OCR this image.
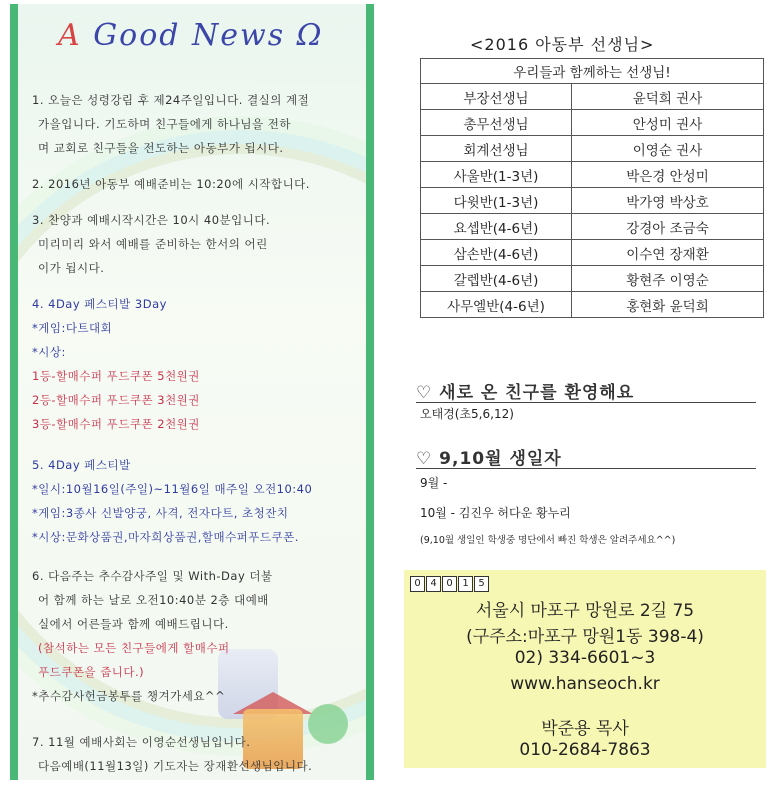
A Good News Ω
1. 오늘은 성령강림 후 제24주일입니다. 결실의 계절
가을입니다. 기도하며 친구들에게 하나님을 전하
며 교회로 친구들을 전도하는 아동부가 됩시다.
2. 2016년 아동부 예배준비는 10:20에 시작합니다.
3. 찬양과 예배시작시간은 10시 40분입니다.
미리미리 와서 예배를 준비하는 한서의 어린
이가 됩시다.
4. 4Day 페스티발 3Day
*게임:다트대회
*시상:
1등-할매수퍼 푸드쿠폰 5천원권
2등-할매수퍼 푸드쿠폰 3천원권
3등-할매수퍼 푸드쿠폰 2천원권
5. 4Day 페스티발
*일시:10월16일(주일)~11월6일 매주일 오전10:40
*게임:3종사 신발양궁, 사격, 전자다트, 초청잔치
*시상:문화상품권,마자희상품권,할매수퍼푸드쿠폰.
6. 다음주는 추수감사주일 및 With-Day 더불
어 함께 하는 날로 오전10:40분 2층 대예배
실에서 어른들과 함께 예배드립니다.
(참석하는 모든 친구들에게 할매수퍼
푸드쿠폰을 줍니다.)
*추수감사헌금봉투를 챙겨가세요^^
7. 11월 예배사회는 이영순선생님입니다.
다음예배(11월13일) 기도자는 장재환선생님입니다.
<2016 아동부 선생님>
우리들과 함께하는 선생님!	
부장선생님	윤덕희 권사
총무선생님	안성미 권사
회계선생님	이영순 권사
사울반(1-3년)	박은경 안성미
다윗반(1-3년)	박가영 박상호
요셉반(4-6년)	강경아 조금숙
삼손반(4-6년)	이수연 장재환
갈렙반(4-6년)	황현주 이영순
사무엘반(4-6년)	홍현화 윤덕희
♡ 새로 온 친구를 환영해요
오태경(초5,6,12)
♡ 9,10월 생일자
9월 -
10월 - 김진우 허다운 황누리
(9,10월 생일인 학생중 명단에서 빠진 학생은 알려주세요^^)
0 4 0 1 5
서울시 마포구 망원로 2길 75
(구주소:마포구 망원1동 398-4)
02) 334-6601~3
www.hanseoch.kr
박준용 목사
010-2684-7863
